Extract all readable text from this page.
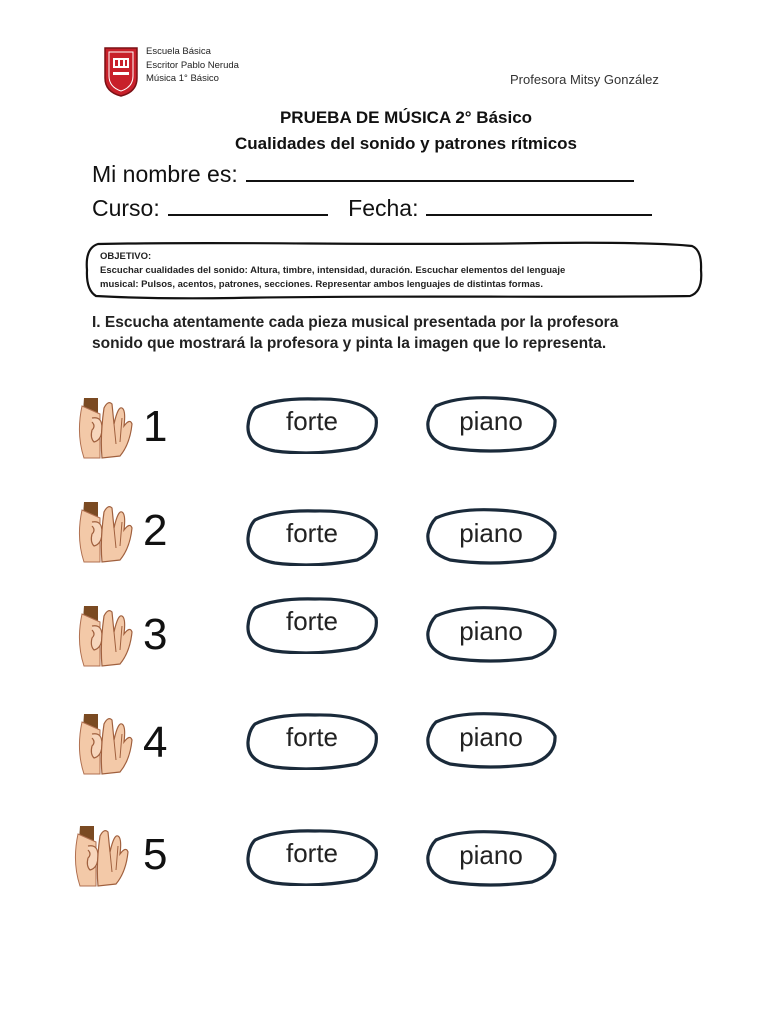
Escuela Básica
Escritor Pablo Neruda
Música 1° Básico	Profesora Mitsy González
PRUEBA DE MÚSICA 2° Básico
Cualidades del sonido y patrones rítmicos
Mi nombre es:
Curso:	Fecha:
OBJETIVO:
Escuchar cualidades del sonido: Altura, timbre, intensidad, duración. Escuchar elementos del lenguaje
musical: Pulsos, acentos, patrones, secciones. Representar ambos lenguajes de distintas formas.
I. Escucha atentamente cada pieza musical presentada por la profesora
sonido que mostrará la profesora y pinta la imagen que lo representa.
1	forte	piano
2	forte	piano
3	forte	piano
4	forte	piano
5	forte	piano
